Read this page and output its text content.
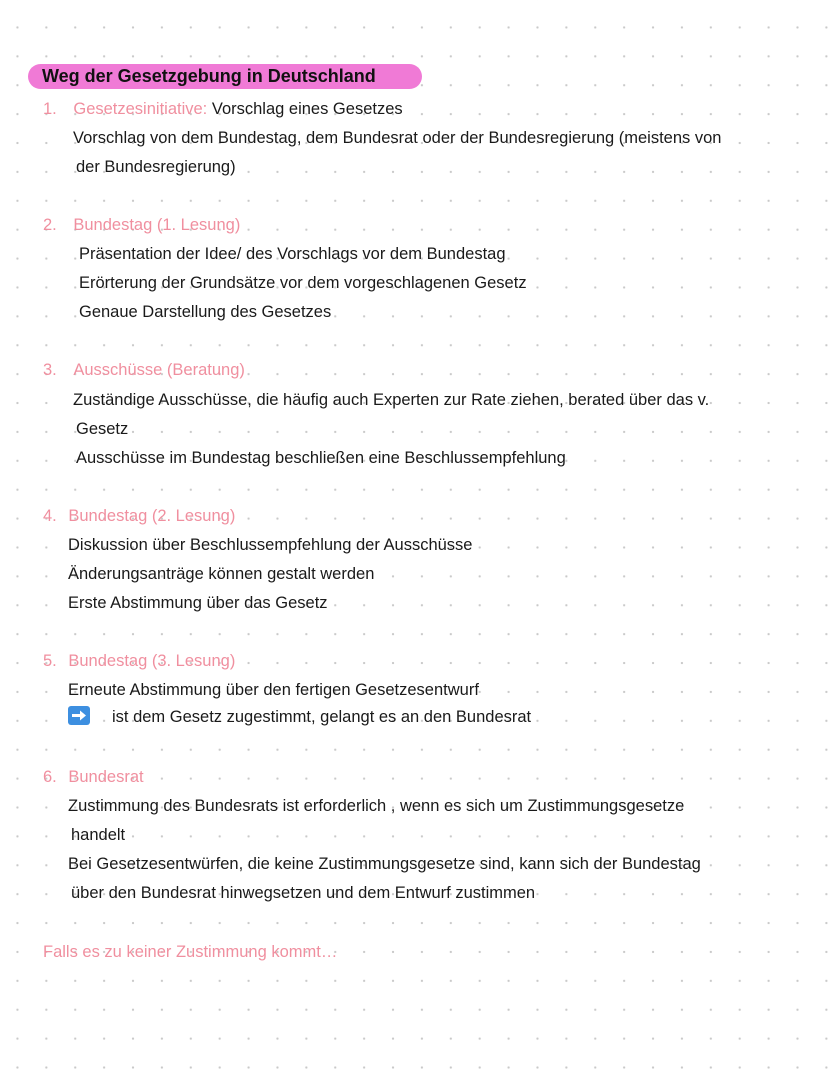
Weg der Gesetzgebung in Deutschland
1. Gesetzesinitiative: Vorschlag eines Gesetzes
Vorschlag von dem Bundestag, dem Bundesrat oder der Bundesregierung (meistens von
der Bundesregierung)
2. Bundestag (1. Lesung)
Präsentation der Idee/ des Vorschlags vor dem Bundestag
Erörterung der Grundsätze vor dem vorgeschlagenen Gesetz
Genaue Darstellung des Gesetzes
3. Ausschüsse (Beratung)
Zuständige Ausschüsse, die häufig auch Experten zur Rate ziehen, berated über das v.
Gesetz
Ausschüsse im Bundestag beschließen eine Beschlussempfehlung
4. Bundestag (2. Lesung)
Diskussion über Beschlussempfehlung der Ausschüsse
Änderungsanträge können gestalt werden
Erste Abstimmung über das Gesetz
5. Bundestag (3. Lesung)
Erneute Abstimmung über den fertigen Gesetzesentwurf
ist dem Gesetz zugestimmt, gelangt es an den Bundesrat
6. Bundesrat
Zustimmung des Bundesrats ist erforderlich , wenn es sich um Zustimmungsgesetze
handelt
Bei Gesetzesentwürfen, die keine Zustimmungsgesetze sind, kann sich der Bundestag
über den Bundesrat hinwegsetzen und dem Entwurf zustimmen
Falls es zu keiner Zustimmung kommt…
